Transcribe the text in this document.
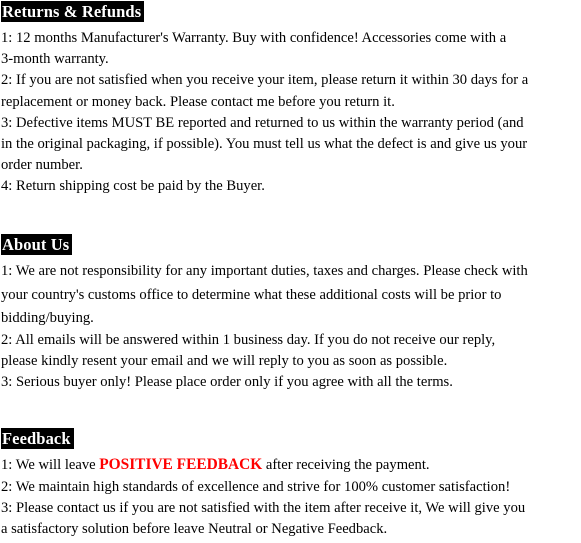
Returns & Refunds
1: 12 months Manufacturer's Warranty. Buy with confidence! Accessories come with a
3-month warranty.
2: If you are not satisfied when you receive your item, please return it within 30 days for a
replacement or money back. Please contact me before you return it.
3: Defective items MUST BE reported and returned to us within the warranty period (and
in the original packaging, if possible). You must tell us what the defect is and give us your
order number.
4: Return shipping cost be paid by the Buyer.
About Us
1: We are not responsibility for any important duties, taxes and charges. Please check with
your country's customs office to determine what these additional costs will be prior to
bidding/buying.
2: All emails will be answered within 1 business day. If you do not receive our reply,
please kindly resent your email and we will reply to you as soon as possible.
3: Serious buyer only! Please place order only if you agree with all the terms.
Feedback
1: We will leave POSITIVE FEEDBACK after receiving the payment.
2: We maintain high standards of excellence and strive for 100% customer satisfaction!
3: Please contact us if you are not satisfied with the item after receive it, We will give you
a satisfactory solution before leave Neutral or Negative Feedback.
